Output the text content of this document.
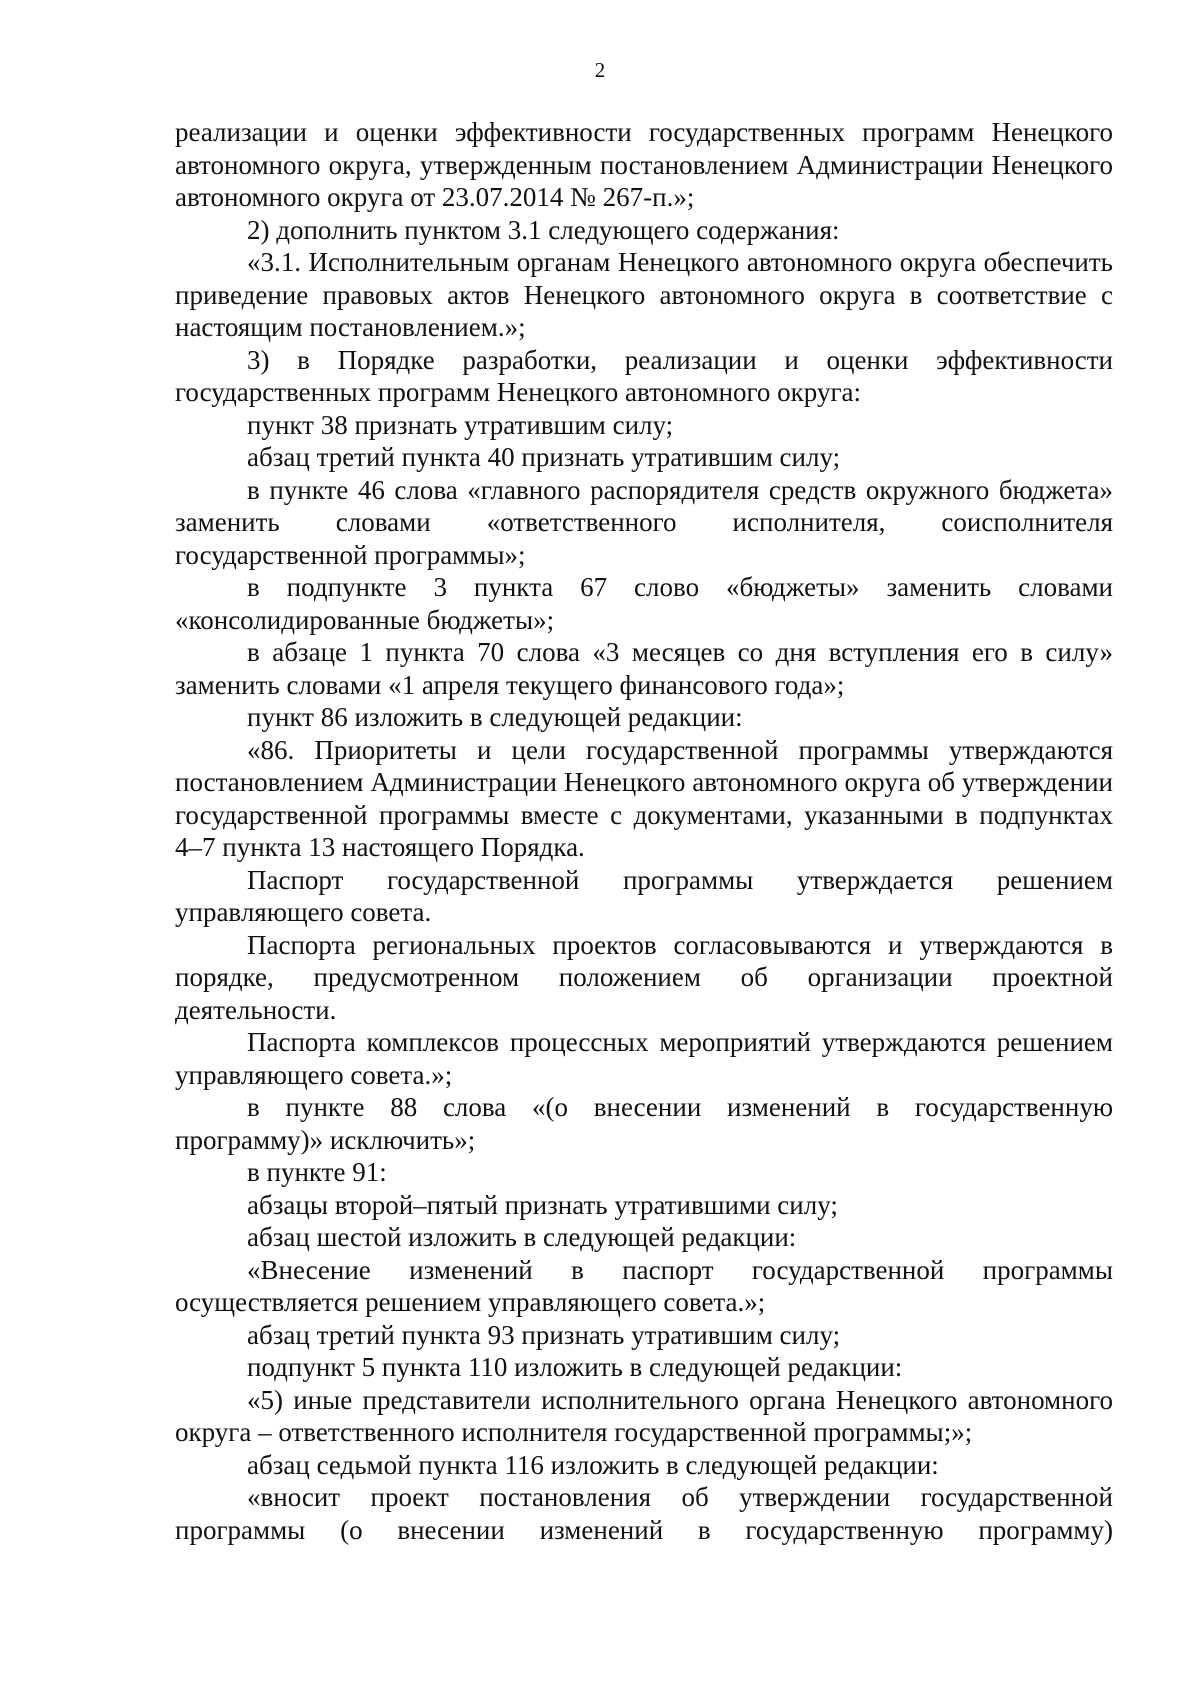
2

реализации и оценки эффективности государственных программ Ненецкого автономного округа, утвержденным постановлением Администрации Ненецкого автономного округа от 23.07.2014 № 267-п.»;

2) дополнить пунктом 3.1 следующего содержания:

«3.1. Исполнительным органам Ненецкого автономного округа обеспечить приведение правовых актов Ненецкого автономного округа в соответствие с настоящим постановлением.»;

3) в Порядке разработки, реализации и оценки эффективности государственных программ Ненецкого автономного округа:

пункт 38 признать утратившим силу;

абзац третий пункта 40 признать утратившим силу;

в пункте 46 слова «главного распорядителя средств окружного бюджета» заменить словами «ответственного исполнителя, соисполнителя государственной программы»;

в подпункте 3 пункта 67 слово «бюджеты» заменить словами «консолидированные бюджеты»;

в абзаце 1 пункта 70 слова «3 месяцев со дня вступления его в силу» заменить словами «1 апреля текущего финансового года»;

пункт 86 изложить в следующей редакции:

«86. Приоритеты и цели государственной программы утверждаются постановлением Администрации Ненецкого автономного округа об утверждении государственной программы вместе с документами, указанными в подпунктах 4–7 пункта 13 настоящего Порядка.

Паспорт государственной программы утверждается решением управляющего совета.

Паспорта региональных проектов согласовываются и утверждаются в порядке, предусмотренном положением об организации проектной деятельности.

Паспорта комплексов процессных мероприятий утверждаются решением управляющего совета.»;

в пункте 88 слова «(о внесении изменений в государственную программу)» исключить»;

в пункте 91:

абзацы второй–пятый признать утратившими силу;

абзац шестой изложить в следующей редакции:

«Внесение изменений в паспорт государственной программы осуществляется решением управляющего совета.»;

абзац третий пункта 93 признать утратившим силу;

подпункт 5 пункта 110 изложить в следующей редакции:

«5) иные представители исполнительного органа Ненецкого автономного округа – ответственного исполнителя государственной программы;»;

абзац седьмой пункта 116 изложить в следующей редакции:

«вносит проект постановления об утверждении государственной программы (о внесении изменений в государственную программу)
